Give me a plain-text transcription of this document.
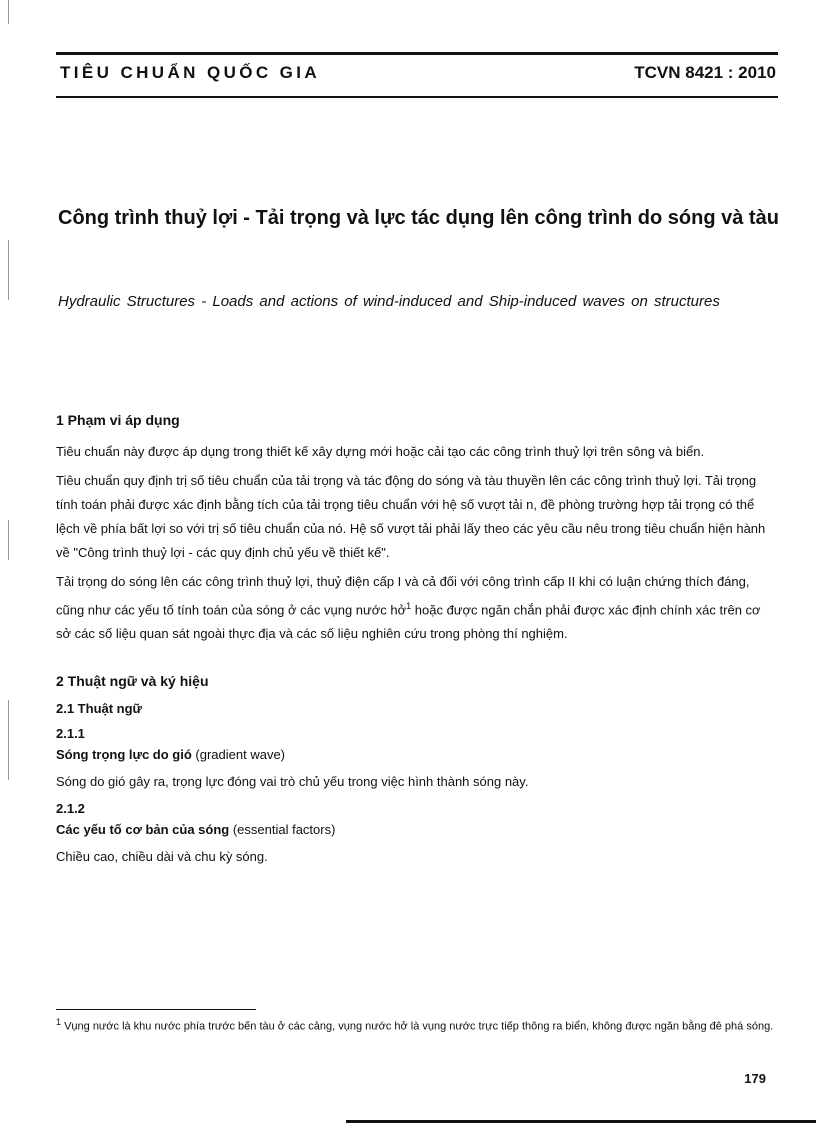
TIÊU CHUẨN QUỐC GIA	TCVN 8421 : 2010
Công trình thuỷ lợi - Tải trọng và lực tác dụng lên công trình do sóng và tàu
Hydraulic Structures - Loads and actions of wind-induced and Ship-induced waves on structures
1 Phạm vi áp dụng
Tiêu chuẩn này được áp dụng trong thiết kế xây dựng mới hoặc cải tạo các công trình thuỷ lợi trên sông và biển.
Tiêu chuẩn quy định trị số tiêu chuẩn của tải trọng và tác động do sóng và tàu thuyền lên các công trình thuỷ lợi. Tải trọng tính toán phải được xác định bằng tích của tải trọng tiêu chuẩn với hệ số vượt tải n, đề phòng trường hợp tải trọng có thể lệch về phía bất lợi so với trị số tiêu chuẩn của nó. Hệ số vượt tải phải lấy theo các yêu cầu nêu trong tiêu chuẩn hiện hành về "Công trình thuỷ lợi - các quy định chủ yếu về thiết kế".
Tải trọng do sóng lên các công trình thuỷ lợi, thuỷ điện cấp I và cả đối với công trình cấp II khi có luận chứng thích đáng, cũng như các yếu tố tính toán của sóng ở các vụng nước hở$^1$ hoặc được ngăn chắn phải được xác định chính xác trên cơ sở các số liệu quan sát ngoài thực địa và các số liệu nghiên cứu trong phòng thí nghiệm.
2 Thuật ngữ và ký hiệu
2.1 Thuật ngữ
2.1.1
Sóng trọng lực do gió (gradient wave)
Sóng do gió gây ra, trọng lực đóng vai trò chủ yếu trong việc hình thành sóng này.
2.1.2
Các yếu tố cơ bản của sóng (essential factors)
Chiều cao, chiều dài và chu kỳ sóng.
$^1$ Vụng nước là khu nước phía trước bến tàu ở các cảng, vụng nước hở là vụng nước trực tiếp thông ra biển, không được ngăn bằng đê phá sóng.
179
